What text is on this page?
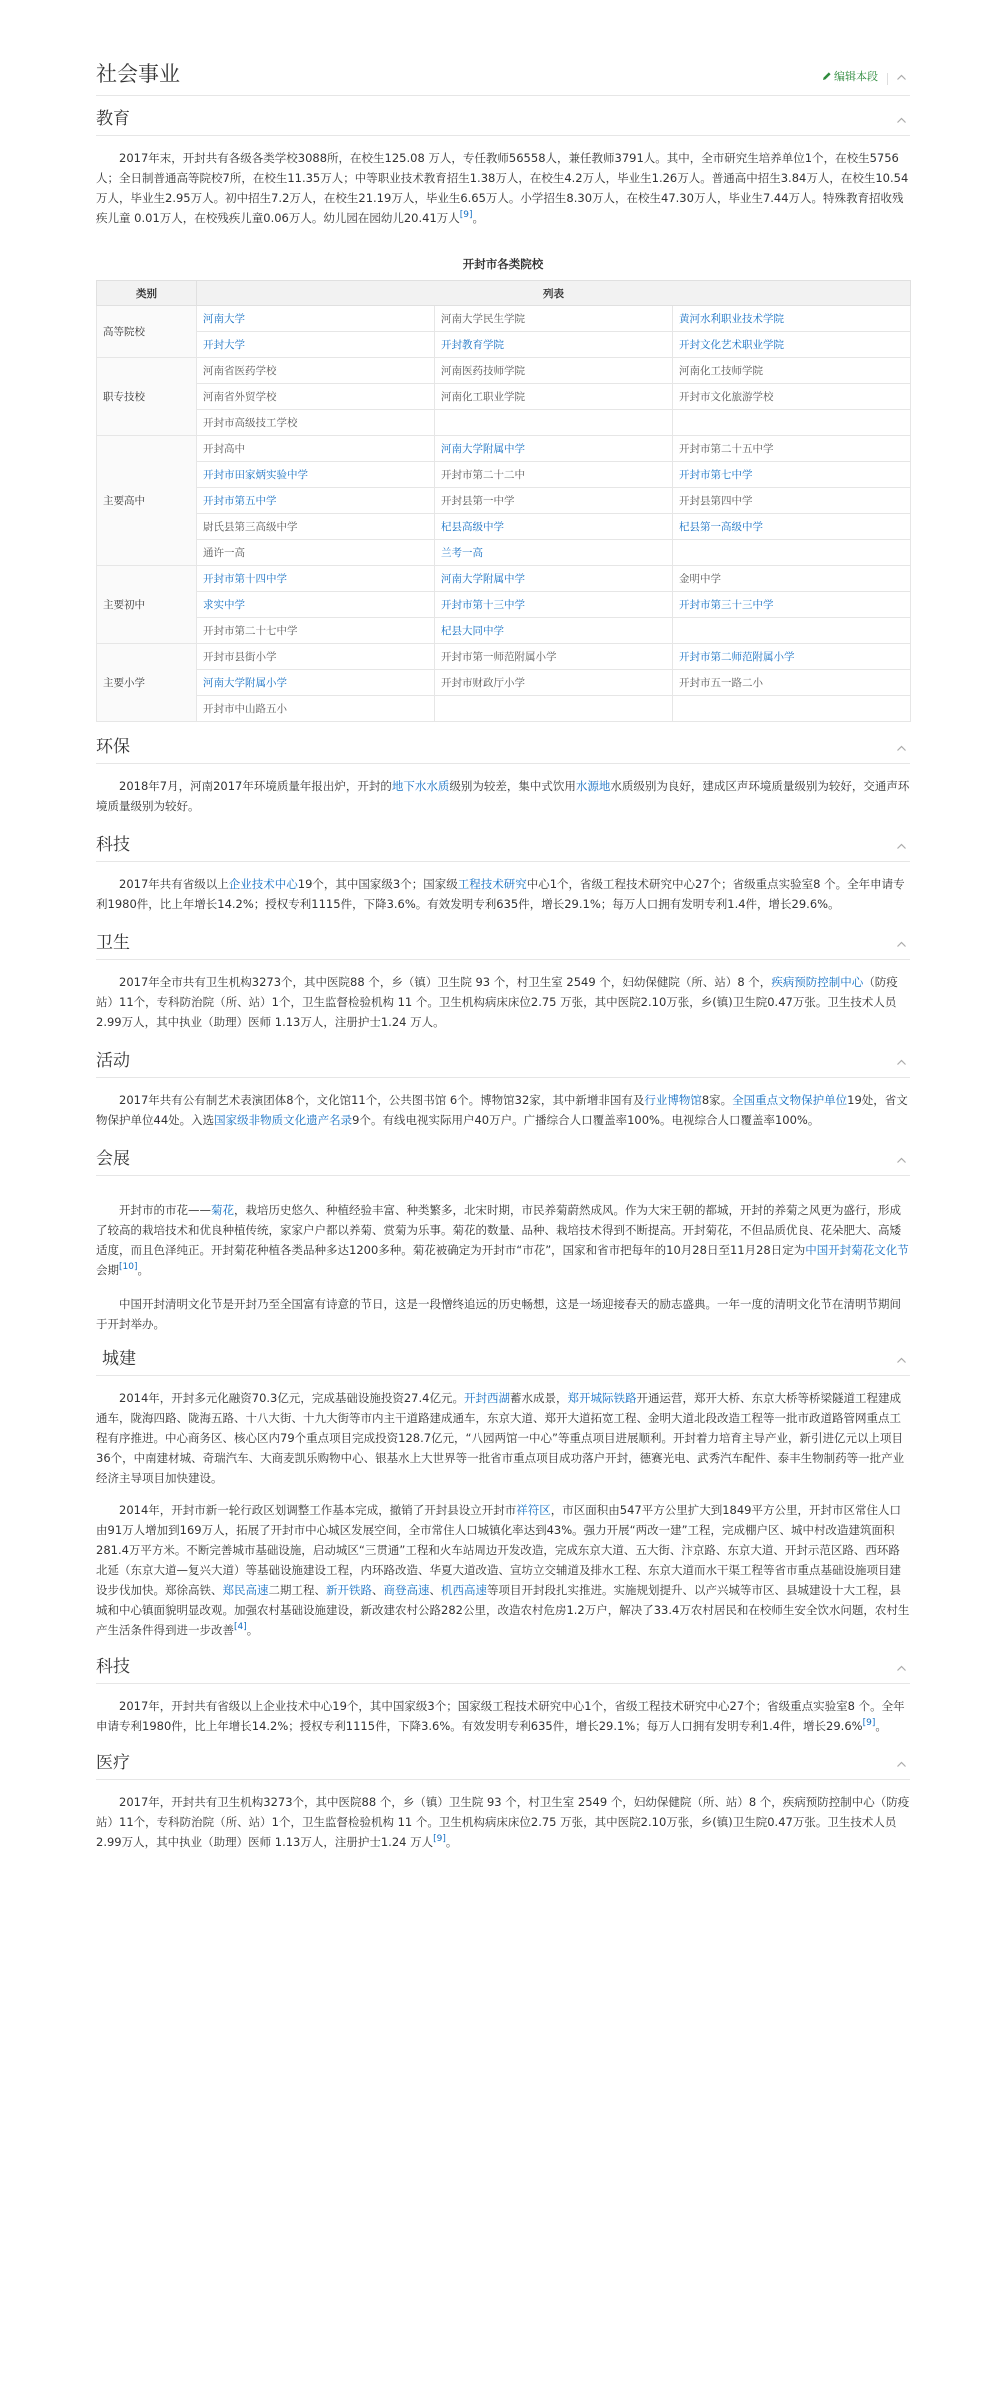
社会事业	编辑本段
教育

2017年末，开封共有各级各类学校3088所，在校生125.08 万人，专任教师56558人，兼任教师3791人。其中，全市研究生培养单位1个，在校生5756人；全日制普通高等院校7所，在校生11.35万人；中等职业技术教育招生1.38万人，在校生4.2万人，毕业生1.26万人。普通高中招生3.84万人，在校生10.54万人，毕业生2.95万人。初中招生7.2万人，在校生21.19万人，毕业生6.65万人。小学招生8.30万人，在校生47.30万人，毕业生7.44万人。特殊教育招收残疾儿童 0.01万人，在校残疾儿童0.06万人。幼儿园在园幼儿20.41万人[9]。

开封市各类院校
类别	列表		
高等院校	河南大学	河南大学民生学院	黄河水利职业技术学院
	开封大学	开封教育学院	开封文化艺术职业学院
职专技校	河南省医药学校	河南医药技师学院	河南化工技师学院
	河南省外贸学校	河南化工职业学院	开封市文化旅游学校
	开封市高级技工学校		
主要高中	开封高中	河南大学附属中学	开封市第二十五中学
	开封市田家炳实验中学	开封市第二十二中	开封市第七中学
	开封市第五中学	开封县第一中学	开封县第四中学
	尉氏县第三高级中学	杞县高级中学	杞县第一高级中学
	通许一高	兰考一高	
主要初中	开封市第十四中学	河南大学附属中学	金明中学
	求实中学	开封市第十三中学	开封市第三十三中学
	开封市第二十七中学	杞县大同中学	
主要小学	开封市县街小学	开封市第一师范附属小学	开封市第二师范附属小学
	河南大学附属小学	开封市财政厅小学	开封市五一路二小
	开封市中山路五小		
环保

2018年7月，河南2017年环境质量年报出炉，开封的地下水水质级别为较差，集中式饮用水源地水质级别为良好，建成区声环境质量级别为较好，交通声环境质量级别为较好。

科技

2017年共有省级以上企业技术中心19个，其中国家级3个；国家级工程技术研究中心1个，省级工程技术研究中心27个；省级重点实验室8 个。全年申请专利1980件，比上年增长14.2%；授权专利1115件，下降3.6%。有效发明专利635件，增长29.1%；每万人口拥有发明专利1.4件，增长29.6%。

卫生

2017年全市共有卫生机构3273个，其中医院88 个，乡（镇）卫生院 93 个，村卫生室 2549 个，妇幼保健院（所、站）8 个，疾病预防控制中心（防疫站）11个，专科防治院（所、站）1个，卫生监督检验机构 11 个。卫生机构病床床位2.75 万张，其中医院2.10万张，乡(镇)卫生院0.47万张。卫生技术人员2.99万人，其中执业（助理）医师 1.13万人，注册护士1.24 万人。

活动

2017年共有公有制艺术表演团体8个，文化馆11个，公共图书馆 6个。博物馆32家，其中新增非国有及行业博物馆8家。全国重点文物保护单位19处，省文物保护单位44处。入选国家级非物质文化遗产名录9个。有线电视实际用户40万户。广播综合人口覆盖率100%。电视综合人口覆盖率100%。

会展

开封市的市花——菊花，栽培历史悠久、种植经验丰富、种类繁多，北宋时期，市民养菊蔚然成风。作为大宋王朝的都城，开封的养菊之风更为盛行，形成了较高的栽培技术和优良种植传统，家家户户都以养菊、赏菊为乐事。菊花的数量、品种、栽培技术得到不断提高。开封菊花，不但品质优良、花朵肥大、高矮适度，而且色泽纯正。开封菊花种植各类品种多达1200多种。菊花被确定为开封市“市花”，国家和省市把每年的10月28日至11月28日定为中国开封菊花文化节会期[10]。

中国开封清明文化节是开封乃至全国富有诗意的节日，这是一段憎终追远的历史畅想，这是一场迎接春天的励志盛典。一年一度的清明文化节在清明节期间于开封举办。

城建

2014年，开封多元化融资70.3亿元，完成基础设施投资27.4亿元。开封西湖蓄水成景，郑开城际铁路开通运营，郑开大桥、东京大桥等桥梁隧道工程建成通车，陇海四路、陇海五路、十八大街、十九大街等市内主干道路建成通车，东京大道、郑开大道拓宽工程、金明大道北段改造工程等一批市政道路管网重点工程有序推进。中心商务区、核心区内79个重点项目完成投资128.7亿元，“八园两馆一中心”等重点项目进展顺利。开封着力培育主导产业，新引进亿元以上项目36个，中南建材城、奇瑞汽车、大商麦凯乐购物中心、银基水上大世界等一批省市重点项目成功落户开封，德赛光电、武秀汽车配件、泰丰生物制药等一批产业经济主导项目加快建设。

2014年，开封市新一轮行政区划调整工作基本完成，撤销了开封县设立开封市祥符区，市区面积由547平方公里扩大到1849平方公里，开封市区常住人口由91万人增加到169万人，拓展了开封市中心城区发展空间，全市常住人口城镇化率达到43%。强力开展“两改一建”工程，完成棚户区、城中村改造建筑面积281.4万平方米。不断完善城市基础设施，启动城区“三贯通”工程和火车站周边开发改造，完成东京大道、五大街、汴京路、东京大道、开封示范区路、西环路北延（东京大道—复兴大道）等基础设施建设工程，内环路改造、华夏大道改造、宣坊立交辅道及排水工程、东京大道而水干渠工程等省市重点基础设施项目建设步伐加快。郑徐高铁、郑民高速二期工程、新开铁路、商登高速、机西高速等项目开封段扎实推进。实施规划提升、以产兴城等市区、县城建设十大工程，县城和中心镇面貌明显改观。加强农村基础设施建设，新改建农村公路282公里，改造农村危房1.2万户，解决了33.4万农村居民和在校师生安全饮水问题，农村生产生活条件得到进一步改善[4]。

科技

2017年，开封共有省级以上企业技术中心19个，其中国家级3个；国家级工程技术研究中心1个，省级工程技术研究中心27个；省级重点实验室8 个。全年申请专利1980件，比上年增长14.2%；授权专利1115件，下降3.6%。有效发明专利635件，增长29.1%；每万人口拥有发明专利1.4件，增长29.6%[9]。

医疗

2017年，开封共有卫生机构3273个，其中医院88 个，乡（镇）卫生院 93 个，村卫生室 2549 个，妇幼保健院（所、站）8 个，疾病预防控制中心（防疫站）11个，专科防治院（所、站）1个，卫生监督检验机构 11 个。卫生机构病床床位2.75 万张，其中医院2.10万张，乡(镇)卫生院0.47万张。卫生技术人员2.99万人，其中执业（助理）医师 1.13万人，注册护士1.24 万人[9]。
